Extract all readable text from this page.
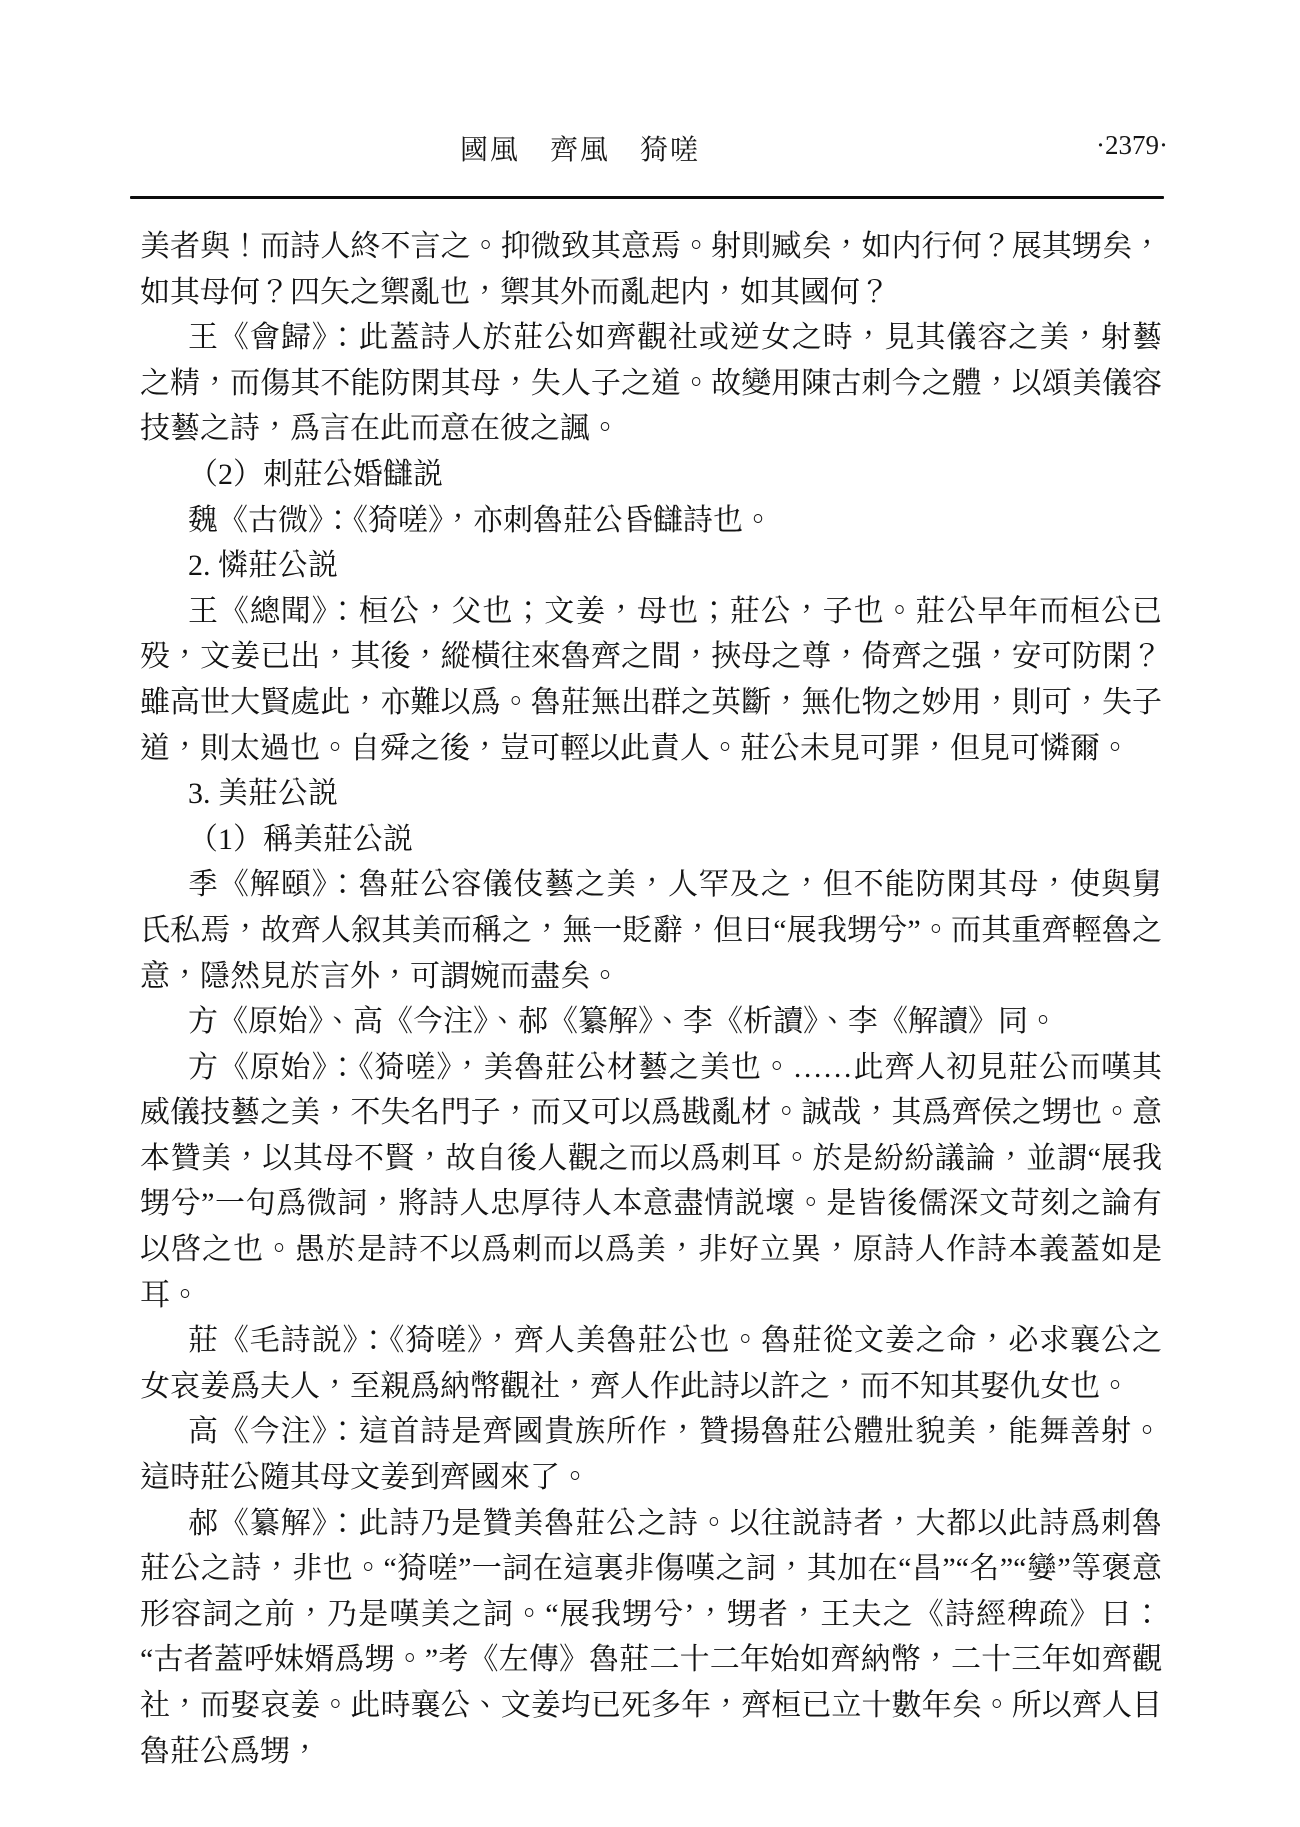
國風　齊風　猗嗟	·2379·

美者與！而詩人終不言之。抑微致其意焉。射則臧矣，如内行何？展其甥矣，如其母何？四矢之禦亂也，禦其外而亂起内，如其國何？

王《會歸》：此蓋詩人於莊公如齊觀社或逆女之時，見其儀容之美，射藝之精，而傷其不能防閑其母，失人子之道。故變用陳古刺今之體，以頌美儀容技藝之詩，爲言在此而意在彼之諷。

（2）刺莊公婚讎説

魏《古微》：《猗嗟》，亦刺魯莊公昏讎詩也。

2. 憐莊公説

王《總聞》：桓公，父也；文姜，母也；莊公，子也。莊公早年而桓公已殁，文姜已出，其後，縱橫往來魯齊之間，挾母之尊，倚齊之强，安可防閑？雖高世大賢處此，亦難以爲。魯莊無出群之英斷，無化物之妙用，則可，失子道，則太過也。自舜之後，豈可輕以此責人。莊公未見可罪，但見可憐爾。

3. 美莊公説

（1）稱美莊公説

季《解頤》：魯莊公容儀伎藝之美，人罕及之，但不能防閑其母，使與舅氏私焉，故齊人叙其美而稱之，無一貶辭，但曰“展我甥兮”。而其重齊輕魯之意，隱然見於言外，可謂婉而盡矣。

方《原始》、高《今注》、郝《纂解》、李《析讀》、李《解讀》同。

方《原始》：《猗嗟》，美魯莊公材藝之美也。……此齊人初見莊公而嘆其威儀技藝之美，不失名門子，而又可以爲戡亂材。誠哉，其爲齊侯之甥也。意本贊美，以其母不賢，故自後人觀之而以爲刺耳。於是紛紛議論，並謂“展我甥兮”一句爲微詞，將詩人忠厚待人本意盡情説壞。是皆後儒深文苛刻之論有以啓之也。愚於是詩不以爲刺而以爲美，非好立異，原詩人作詩本義蓋如是耳。

莊《毛詩説》：《猗嗟》，齊人美魯莊公也。魯莊從文姜之命，必求襄公之女哀姜爲夫人，至親爲納幣觀社，齊人作此詩以許之，而不知其娶仇女也。

高《今注》：這首詩是齊國貴族所作，贊揚魯莊公體壯貌美，能舞善射。這時莊公隨其母文姜到齊國來了。

郝《纂解》：此詩乃是贊美魯莊公之詩。以往説詩者，大都以此詩爲刺魯莊公之詩，非也。“猗嗟”一詞在這裏非傷嘆之詞，其加在“昌”“名”“孌”等褒意形容詞之前，乃是嘆美之詞。“展我甥兮’，甥者，王夫之《詩經稗疏》曰：“古者蓋呼妹婿爲甥。”考《左傳》魯莊二十二年始如齊納幣，二十三年如齊觀社，而娶哀姜。此時襄公、文姜均已死多年，齊桓已立十數年矣。所以齊人目魯莊公爲甥，
